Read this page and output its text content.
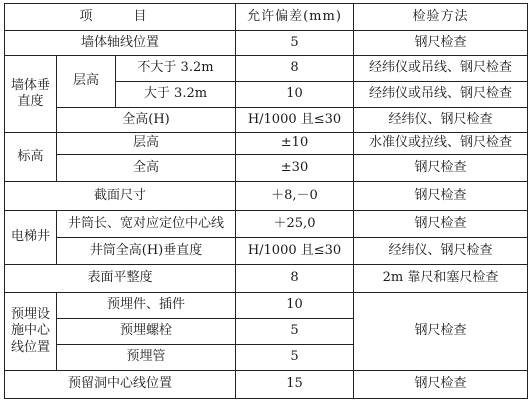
项　目			允许偏差(mm)	检验方法
墙体轴线位置			5	钢尺检查
墙体垂直度	层高	不大于 3.2m	8	经纬仪或吊线、钢尺检查
		大于 3.2m	10	经纬仪或吊线、钢尺检查
	全高(H)		H/1000 且≤30	经纬仪、钢尺检查
标高	层高		±10	水准仪或拉线、钢尺检查
	全高		±30	钢尺检查
截面尺寸			＋8,－0	钢尺检查
电梯井	井筒长、宽对应定位中心线		＋25,0	钢尺检查
	井筒全高(H)垂直度		H/1000 且≤30	经纬仪、钢尺检查
表面平整度			8	2m 靠尺和塞尺检查
预埋设施中心线位置	预埋件、插件		10	钢尺检查
	预埋螺栓		5	
	预埋管		5	
预留洞中心线位置			15	钢尺检查
